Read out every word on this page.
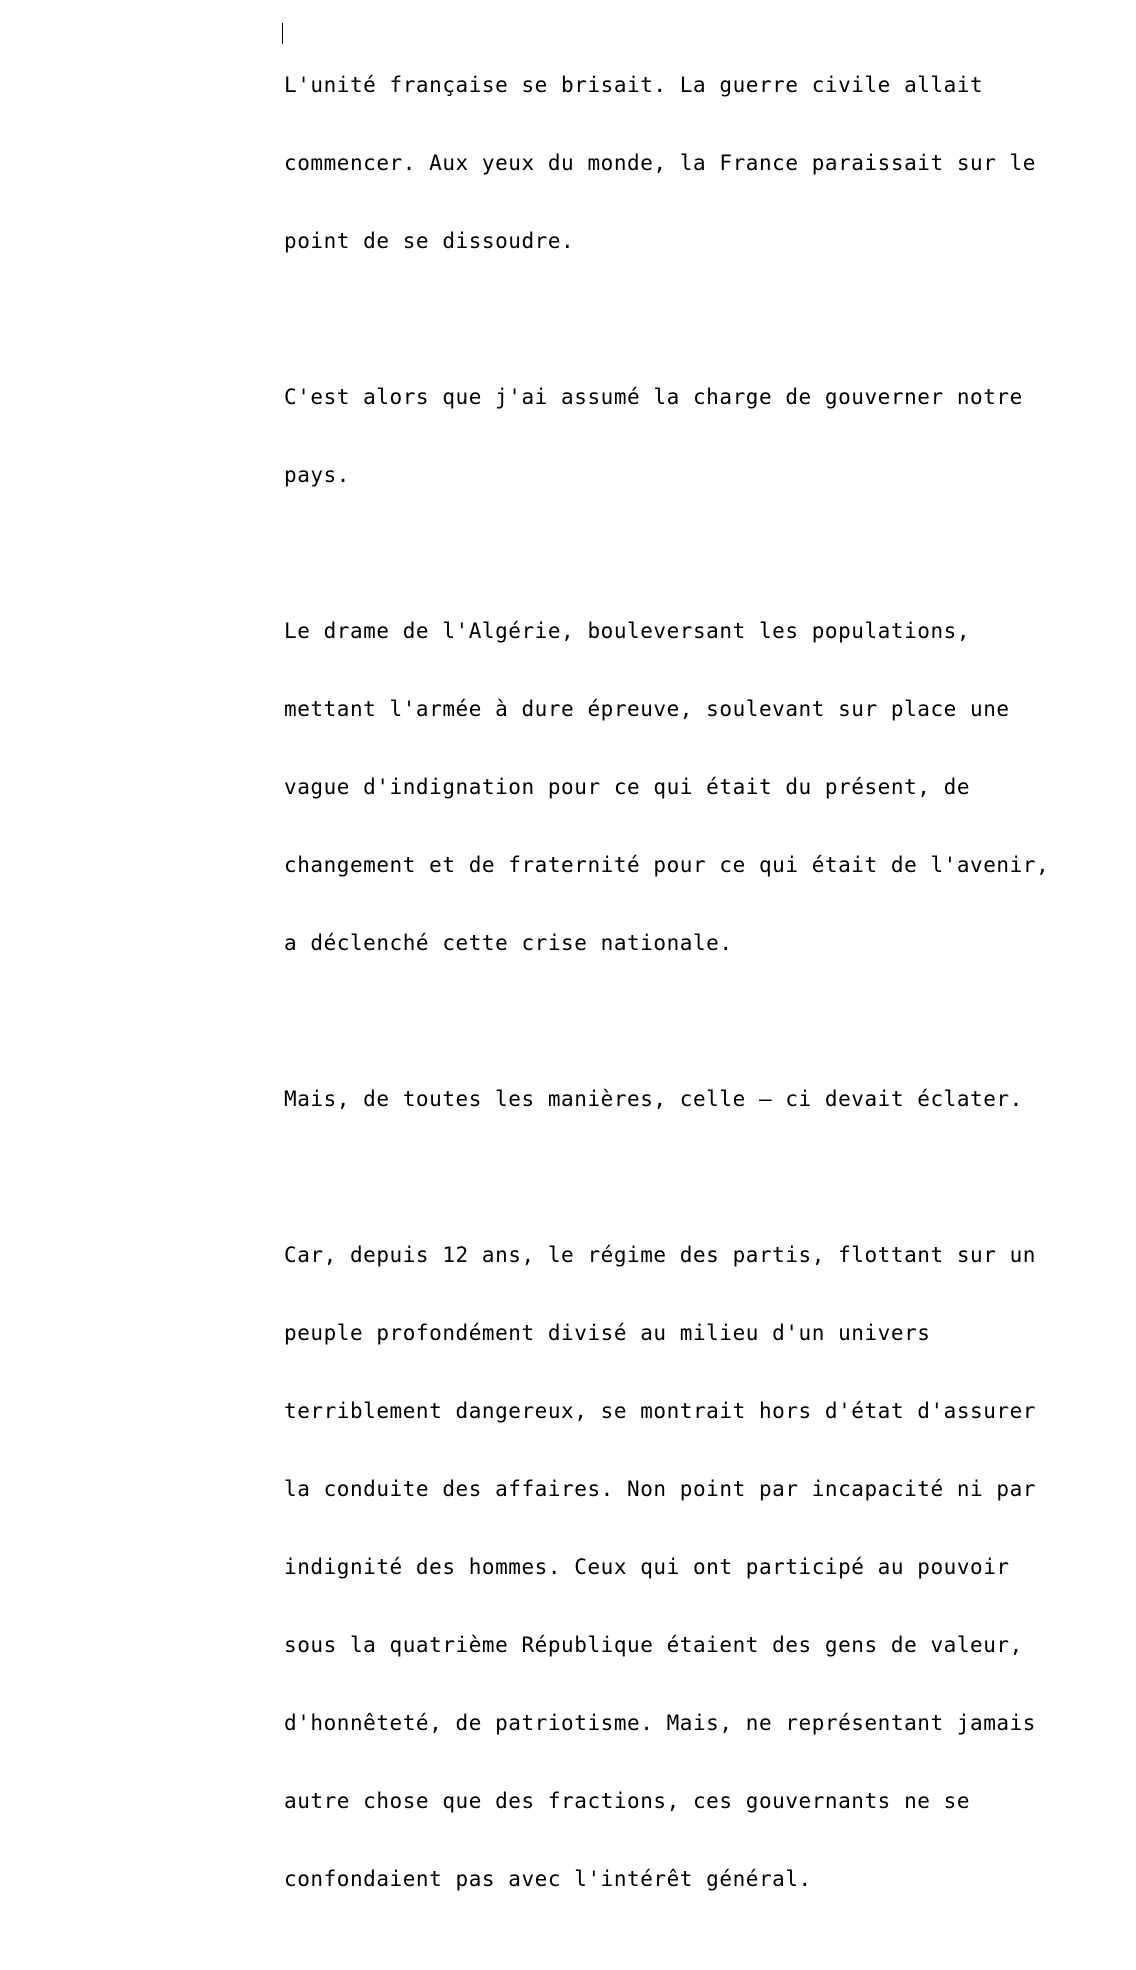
L'unité française se brisait. La guerre civile allait

commencer. Aux yeux du monde, la France paraissait sur le

point de se dissoudre.

C'est alors que j'ai assumé la charge de gouverner notre

pays.

Le drame de l'Algérie, bouleversant les populations,

mettant l'armée à dure épreuve, soulevant sur place une

vague d'indignation pour ce qui était du présent, de

changement et de fraternité pour ce qui était de l'avenir,

a déclenché cette crise nationale.

Mais, de toutes les manières, celle – ci devait éclater.

Car, depuis 12 ans, le régime des partis, flottant sur un

peuple profondément divisé au milieu d'un univers

terriblement dangereux, se montrait hors d'état d'assurer

la conduite des affaires. Non point par incapacité ni par

indignité des hommes. Ceux qui ont participé au pouvoir

sous la quatrième République étaient des gens de valeur,

d'honnêteté, de patriotisme. Mais, ne représentant jamais

autre chose que des fractions, ces gouvernants ne se

confondaient pas avec l'intérêt général.
